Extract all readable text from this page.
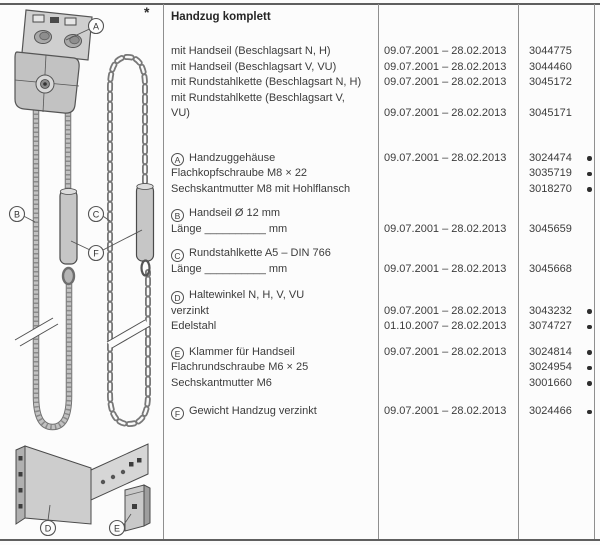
*
A
B	C
F
D	E
Handzug komplett
mit Handseil (Beschlagsart N, H)	09.07.2001 – 28.02.2013 3044775
mit Handseil (Beschlagsart V, VU)	09.07.2001 – 28.02.2013 3044460
mit Rundstahlkette (Beschlagsart N, H)	09.07.2001 – 28.02.2013 3045172
mit Rundstahlkette (Beschlagsart V,
VU)	09.07.2001 – 28.02.2013 3045171
A Handzuggehäuse	09.07.2001 – 28.02.2013 3024474
Flachkopfschraube M8 × 22	3035719
Sechskantmutter M8 mit Hohlflansch	3018270
B Handseil Ø 12 mm
Länge __________ mm	09.07.2001 – 28.02.2013 3045659
C Rundstahlkette A5 – DIN 766
Länge __________ mm	09.07.2001 – 28.02.2013 3045668
D Haltewinkel N, H, V, VU
verzinkt	09.07.2001 – 28.02.2013 3043232
Edelstahl	01.10.2007 – 28.02.2013 3074727
E Klammer für Handseil	09.07.2001 – 28.02.2013 3024814
Flachrundschraube M6 × 25	3024954
Sechskantmutter M6	3001660
F Gewicht Handzug verzinkt	09.07.2001 – 28.02.2013 3024466
